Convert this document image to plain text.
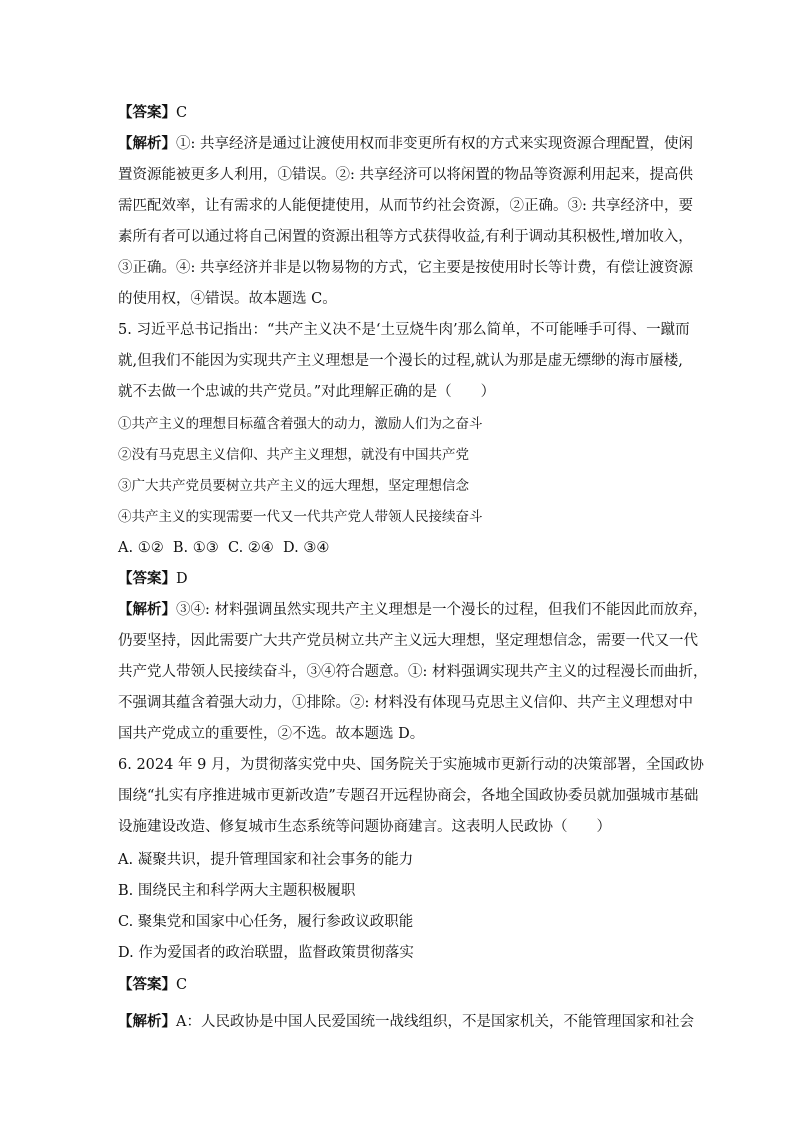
【答案】C
【解析】①: 共享经济是通过让渡使用权而非变更所有权的方式来实现资源合理配置，使闲
置资源能被更多人利用，①错误。②: 共享经济可以将闲置的物品等资源利用起来，提高供
需匹配效率，让有需求的人能便捷使用，从而节约社会资源，②正确。③: 共享经济中，要
素所有者可以通过将自己闲置的资源出租等方式获得收益,有利于调动其积极性,增加收入，
③正确。④: 共享经济并非是以物易物的方式，它主要是按使用时长等计费，有偿让渡资源
的使用权，④错误。故本题选 C。
5. 习近平总书记指出：“共产主义决不是‘土豆烧牛肉’那么简单，不可能唾手可得、一蹴而
就,但我们不能因为实现共产主义理想是一个漫长的过程,就认为那是虚无缥缈的海市蜃楼,
就不去做一个忠诚的共产党员。”对此理解正确的是（　　）
①共产主义的理想目标蕴含着强大的动力，激励人们为之奋斗
②没有马克思主义信仰、共产主义理想，就没有中国共产党
③广大共产党员要树立共产主义的远大理想，坚定理想信念
④共产主义的实现需要一代又一代共产党人带领人民接续奋斗
A. ①②  B. ①③  C. ②④  D. ③④
【答案】D
【解析】③④: 材料强调虽然实现共产主义理想是一个漫长的过程，但我们不能因此而放弃，
仍要坚持，因此需要广大共产党员树立共产主义远大理想，坚定理想信念，需要一代又一代
共产党人带领人民接续奋斗，③④符合题意。①: 材料强调实现共产主义的过程漫长而曲折，
不强调其蕴含着强大动力，①排除。②: 材料没有体现马克思主义信仰、共产主义理想对中
国共产党成立的重要性，②不选。故本题选 D。
6. 2024 年 9 月，为贯彻落实党中央、国务院关于实施城市更新行动的决策部署，全国政协
围绕“扎实有序推进城市更新改造”专题召开远程协商会，各地全国政协委员就加强城市基础
设施建设改造、修复城市生态系统等问题协商建言。这表明人民政协（　　）
A. 凝聚共识，提升管理国家和社会事务的能力
B. 围绕民主和科学两大主题积极履职
C. 聚集党和国家中心任务，履行参政议政职能
D. 作为爱国者的政治联盟，监督政策贯彻落实
【答案】C
【解析】A：人民政协是中国人民爱国统一战线组织，不是国家机关，不能管理国家和社会
